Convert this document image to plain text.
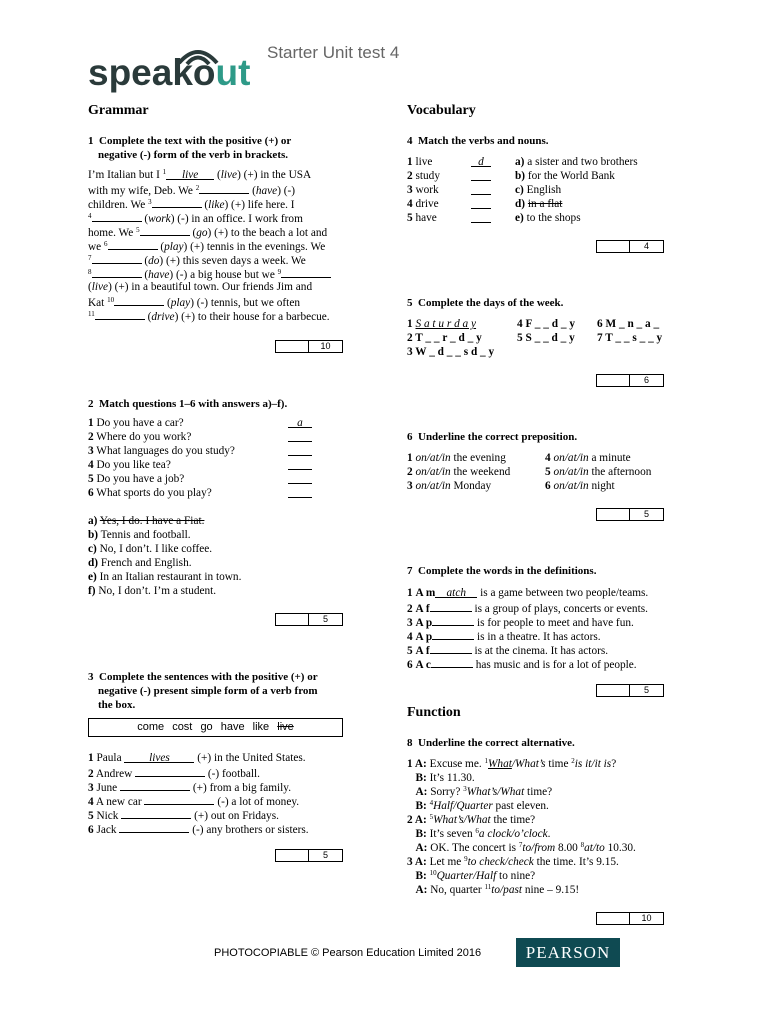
speakout Starter Unit test 4
Grammar
1 Complete the text with the positive (+) or
negative (-) form of the verb in brackets.
I’m Italian but I $^1$ live (live) (+) in the USA
with my wife, Deb. We $^2$	(have) (-)
children. We $^3$	(like) (+) life here. I
$^4$	(work) (-) in an office. I work from
home. We $^5$	(go) (+) to the beach a lot and
we $^6$	(play) (+) tennis in the evenings. We
$^7$	(do) (+) this seven days a week. We
$^8$	(have) (-) a big house but we $^9$
(live) (+) in a beautiful town. Our friends Jim and
Kat $^{10}$	(play) (-) tennis, but we often
$^{11}$	(drive) (+) to their house for a barbecue.
10
2 Match questions 1–6 with answers a)–f).
1 Do you have a car?	a
2 Where do you work?
3 What languages do you study?
4 Do you like tea?
5 Do you have a job?
6 What sports do you play?
a) Yes, I do. I have a Fiat.
b) Tennis and football.
c) No, I don’t. I like coffee.
d) French and English.
e) In an Italian restaurant in town.
f) No, I don’t. I’m a student.
5
3 Complete the sentences with the positive (+) or
negative (-) present simple form of a verb from
the box.
come cost go have like live
1 Paula lives (+) in the United States.
2 Andrew	(-) football.
3 June	(+) from a big family.
4 A new car	(-) a lot of money.
5 Nick	(+) out on Fridays.
6 Jack	(-) any brothers or sisters.
5
Vocabulary
4 Match the verbs and nouns.
1 live	d	a) a sister and two brothers
2 study	b) for the World Bank
3 work	c) English
4 drive	d) in a flat
5 have	e) to the shops
4
5 Complete the days of the week.
1 S a t u r d a y	4 F _ _ d _ y 6 M _ n _ a _
2 T _ _ r _ d _ y	5 S _ _ d _ y 7 T _ _ s _ _ y
3 W _ d _ _ s d _ y
6
6 Underline the correct preposition.
1 on/at/in the evening	4 on/at/in a minute
2 on/at/in the weekend	5 on/at/in the afternoon
3 on/at/in Monday	6 on/at/in night
5
7 Complete the words in the definitions.
1 A m atch is a game between two people/teams.
2 A f	is a group of plays, concerts or events.
3 A p	is for people to meet and have fun.
4 A p	is in a theatre. It has actors.
5 A f	is at the cinema. It has actors.
6 A c	has music and is for a lot of people.
5
Function
8 Underline the correct alternative.
1 A: Excuse me. $^1$What/What’s time $^2$is it/it is?
B: It’s 11.30.
A: Sorry? $^3$What’s/What time?
B: $^4$Half/Quarter past eleven.
2 A: $^5$What’s/What the time?
B: It’s seven $^6$a clock/o’clock.
A: OK. The concert is $^7$to/from 8.00 $^8$at/to 10.30.
3 A: Let me $^9$to check/check the time. It’s 9.15.
B: $^{10}$Quarter/Half to nine?
A: No, quarter $^{11}$to/past nine – 9.15!
10
PHOTOCOPIABLE © Pearson Education Limited 2016	PEARSON
